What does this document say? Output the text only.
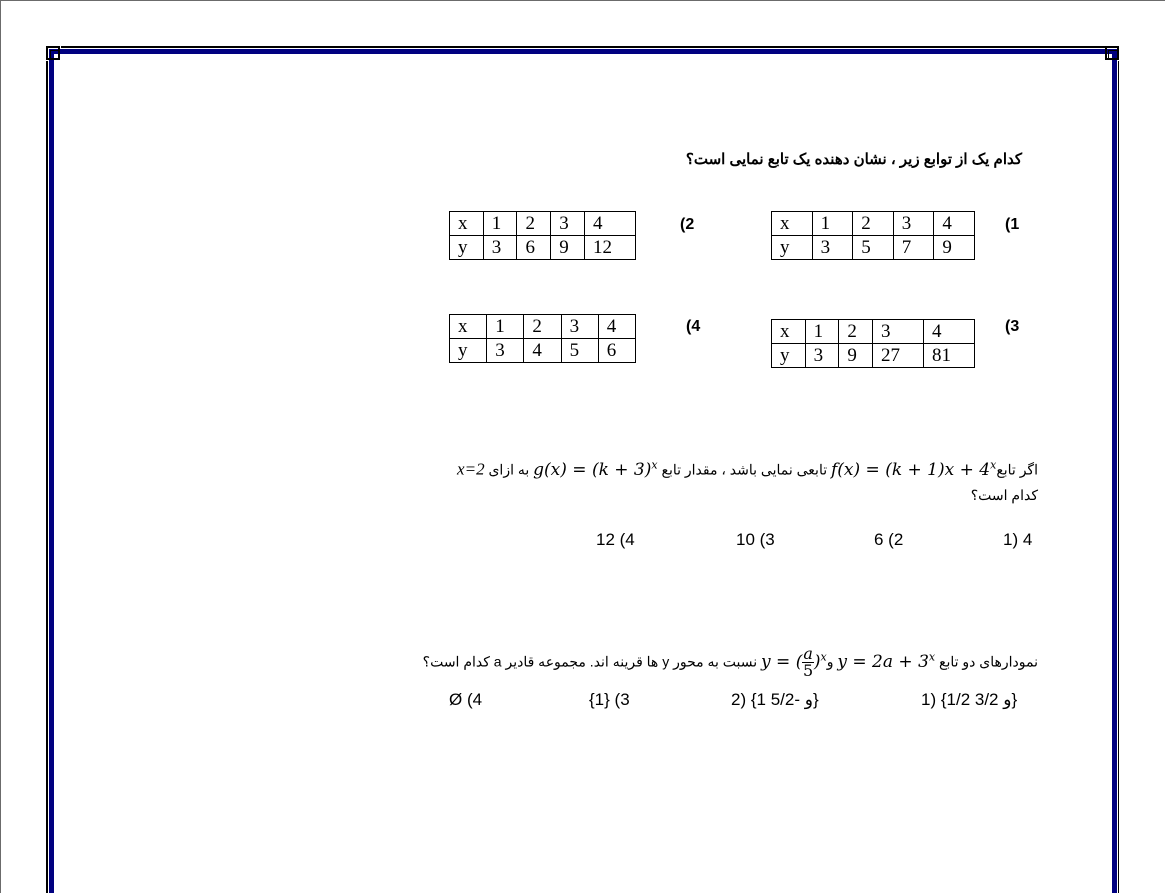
کدام یک از توابع زیر ، نشان دهنده یک تابع نمایی است؟
(1
x	1	2	3	4
y	3	5	7	9
(2
x	1	2	3	4
y	3	6	9	12
(3
x	1	2	3	4
y	3	9	27	81
(4
x	1	2	3	4
y	3	4	5	6
اگر تابعf(x) = $(k + 1)x + 4^x$ تابعی نمایی باشد ، مقدار تابع $g(x) = (k + 3)^x$ به ازای x=2
کدام است؟
1) 4
6 (2
10 (3
12 (4
نمودارهای دو تابع $y = 2a + 3^x$ وy = ( $\frac{a}{5} )^x$ نسبت به محور y ها قرینه اند. مجموعه قادیر a کدام است؟
1) {1/2 و 3/2}
2) {1 و -5/2}
{1} (3
Ø (4
